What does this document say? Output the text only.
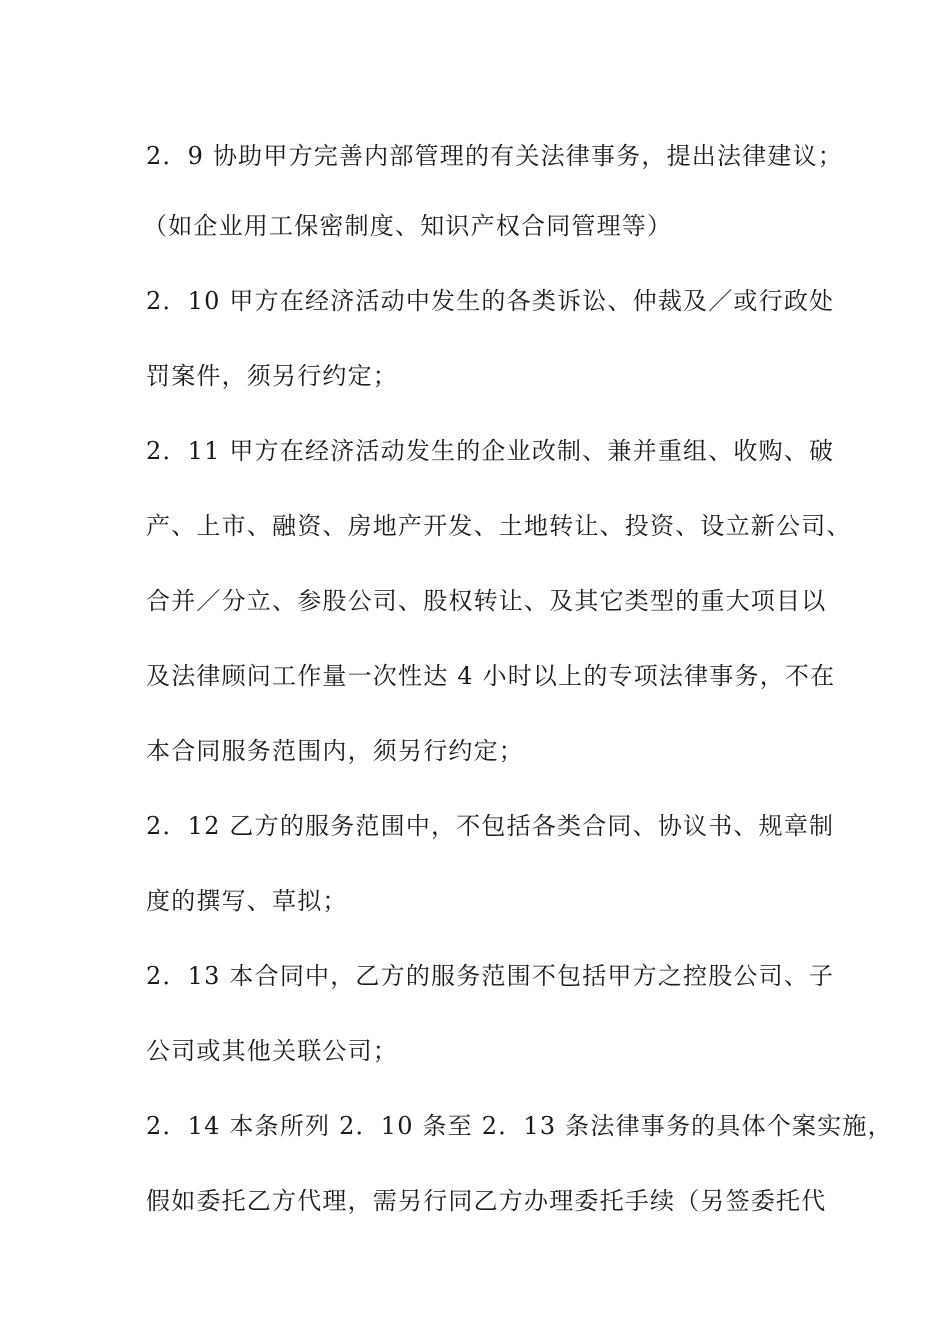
2．9 协助甲方完善内部管理的有关法律事务，提出法律建议；
（如企业用工保密制度、知识产权合同管理等）
2．10 甲方在经济活动中发生的各类诉讼、仲裁及／或行政处
罚案件，须另行约定；
2．11 甲方在经济活动发生的企业改制、兼并重组、收购、破
产、上市、融资、房地产开发、土地转让、投资、设立新公司、
合并／分立、参股公司、股权转让、及其它类型的重大项目以
及法律顾问工作量一次性达 4 小时以上的专项法律事务，不在
本合同服务范围内，须另行约定；
2．12 乙方的服务范围中，不包括各类合同、协议书、规章制
度的撰写、草拟；
2．13 本合同中，乙方的服务范围不包括甲方之控股公司、子
公司或其他关联公司；
2．14 本条所列 2．10 条至 2．13 条法律事务的具体个案实施，
假如委托乙方代理，需另行同乙方办理委托手续（另签委托代
